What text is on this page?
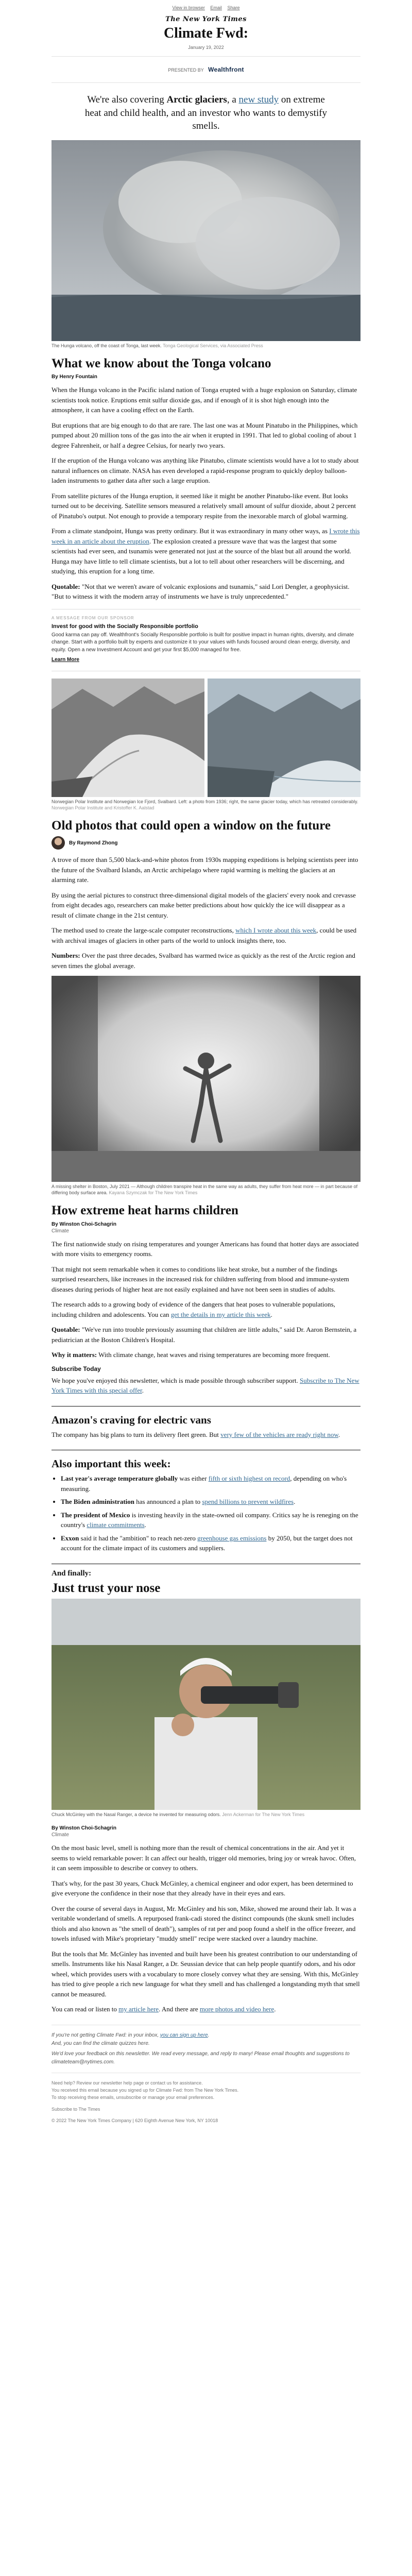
View in browser Email Share
The New York Times
Climate Fwd:
January 19, 2022
PRESENTED BY Wealthfront
We're also covering Arctic glaciers, a new study on extreme heat and child health, and an investor who wants to demystify smells.
The Hunga volcano, off the coast of Tonga, last week. Tonga Geological Services, via Associated Press
What we know about the Tonga volcano
By Henry Fountain

When the Hunga volcano in the Pacific island nation of Tonga erupted with a huge explosion on Saturday, climate scientists took notice. Eruptions emit sulfur dioxide gas, and if enough of it is shot high enough into the atmosphere, it can have a cooling effect on the Earth.

But eruptions that are big enough to do that are rare. The last one was at Mount Pinatubo in the Philippines, which pumped about 20 million tons of the gas into the air when it erupted in 1991. That led to global cooling of about 1 degree Fahrenheit, or half a degree Celsius, for nearly two years.

If the eruption of the Hunga volcano was anything like Pinatubo, climate scientists would have a lot to study about natural influences on climate. NASA has even developed a rapid-response program to quickly deploy balloon-laden instruments to gather data after such a large eruption.

From satellite pictures of the Hunga eruption, it seemed like it might be another Pinatubo-like event. But looks turned out to be deceiving. Satellite sensors measured a relatively small amount of sulfur dioxide, about 2 percent of Pinatubo's output. Not enough to provide a temporary respite from the inexorable march of global warming.

From a climate standpoint, Hunga was pretty ordinary. But it was extraordinary in many other ways, as I wrote this week in an article about the eruption. The explosion created a pressure wave that was the largest that some scientists had ever seen, and tsunamis were generated not just at the source of the blast but all around the world. Hunga may have little to tell climate scientists, but a lot to tell about other researchers will be discerning, and studying, this eruption for a long time.

Quotable: "Not that we weren't aware of volcanic explosions and tsunamis," said Lori Dengler, a geophysicist. "But to witness it with the modern array of instruments we have is truly unprecedented."

A MESSAGE FROM OUR SPONSOR
Invest for good with the Socially Responsible portfolio
Good karma can pay off. Wealthfront's Socially Responsible portfolio is built for positive impact in human rights, diversity, and climate change. Start with a portfolio built by experts and customize it to your values with funds focused around clean energy, diversity, and equity. Open a new Investment Account and get your first $5,000 managed for free.
Learn More
Norwegian Polar Institute and Norwegian Ice Fjord, Svalbard. Left: a photo from 1936; right, the same glacier today, which has retreated considerably. Norwegian Polar Institute and Kristoffer K. Aalstad
Old photos that could open a window on the future
By Raymond Zhong

A trove of more than 5,500 black-and-white photos from 1930s mapping expeditions is helping scientists peer into the future of the Svalbard Islands, an Arctic archipelago where rapid warming is melting the glaciers at an alarming rate.

By using the aerial pictures to construct three-dimensional digital models of the glaciers' every nook and crevasse from eight decades ago, researchers can make better predictions about how quickly the ice will disappear as a result of climate change in the 21st century.

The method used to create the large-scale computer reconstructions, which I wrote about this week, could be used with archival images of glaciers in other parts of the world to unlock insights there, too.

Numbers: Over the past three decades, Svalbard has warmed twice as quickly as the rest of the Arctic region and seven times the global average.

A missing shelter in Boston, July 2021 — Although children transpire heat in the same way as adults, they suffer from heat more — in part because of differing body surface area. Kayana Szymczak for The New York Times
How extreme heat harms children
By Winston Choi-Schagrin
Climate

The first nationwide study on rising temperatures and younger Americans has found that hotter days are associated with more visits to emergency rooms.

That might not seem remarkable when it comes to conditions like heat stroke, but a number of the findings surprised researchers, like increases in the increased risk for children suffering from blood and immune-system diseases during periods of higher heat are not easily explained and have not been seen in studies of adults.

The research adds to a growing body of evidence of the dangers that heat poses to vulnerable populations, including children and adolescents. You can get the details in my article this week.

Quotable: "We've run into trouble previously assuming that children are little adults," said Dr. Aaron Bernstein, a pediatrician at the Boston Children's Hospital.

Why it matters: With climate change, heat waves and rising temperatures are becoming more frequent.

Subscribe Today

We hope you've enjoyed this newsletter, which is made possible through subscriber support. Subscribe to The New York Times with this special offer.

Amazon's craving for electric vans

The company has big plans to turn its delivery fleet green. But very few of the vehicles are ready right now.

Also important this week:
• Last year's average temperature globally was either fifth or sixth highest on record, depending on who's measuring.
• The Biden administration has announced a plan to spend billions to prevent wildfires.
• The president of Mexico is investing heavily in the state-owned oil company. Critics say he is reneging on the country's climate commitments.
• Exxon said it had the "ambition" to reach net-zero greenhouse gas emissions by 2050, but the target does not account for the climate impact of its customers and suppliers.
And finally:
Just trust your nose
Chuck McGinley with the Nasal Ranger, a device he invented for measuring odors. Jenn Ackerman for The New York Times
By Winston Choi-Schagrin
Climate

On the most basic level, smell is nothing more than the result of chemical concentrations in the air. And yet it seems to wield remarkable power: It can affect our health, trigger old memories, bring joy or wreak havoc. Often, it can seem impossible to describe or convey to others.

That's why, for the past 30 years, Chuck McGinley, a chemical engineer and odor expert, has been determined to give everyone the confidence in their nose that they already have in their eyes and ears.

Over the course of several days in August, Mr. McGinley and his son, Mike, showed me around their lab. It was a veritable wonderland of smells. A repurposed frank-cadi stored the distinct compounds (the skunk smell includes thiols and also known as "the smell of death"), samples of rat per and poop found a shelf in the office freezer, and towels infused with Mike's proprietary "muddy smell" recipe were stacked over a laundry machine.

But the tools that Mr. McGinley has invented and built have been his greatest contribution to our understanding of smells. Instruments like his Nasal Ranger, a Dr. Seussian device that can help people quantify odors, and his odor wheel, which provides users with a vocabulary to more closely convey what they are sensing. With this, McGinley has tried to give people a rich new language for what they smell and has challenged a longstanding myth that smell cannot be measured.

You can read or listen to my article here. And there are more photos and video here.

If you're not getting Climate Fwd: in your inbox, you can sign up here.
And, you can find the climate quizzes here.
We'd love your feedback on this newsletter. We read every message, and reply to many! Please email thoughts and suggestions to climateteam@nytimes.com.
Need help? Review our newsletter help page or contact us for assistance.
You received this email because you signed up for Climate Fwd: from The New York Times.
To stop receiving these emails, unsubscribe or manage your email preferences.
Subscribe to The Times
© 2022 The New York Times Company | 620 Eighth Avenue New York, NY 10018
